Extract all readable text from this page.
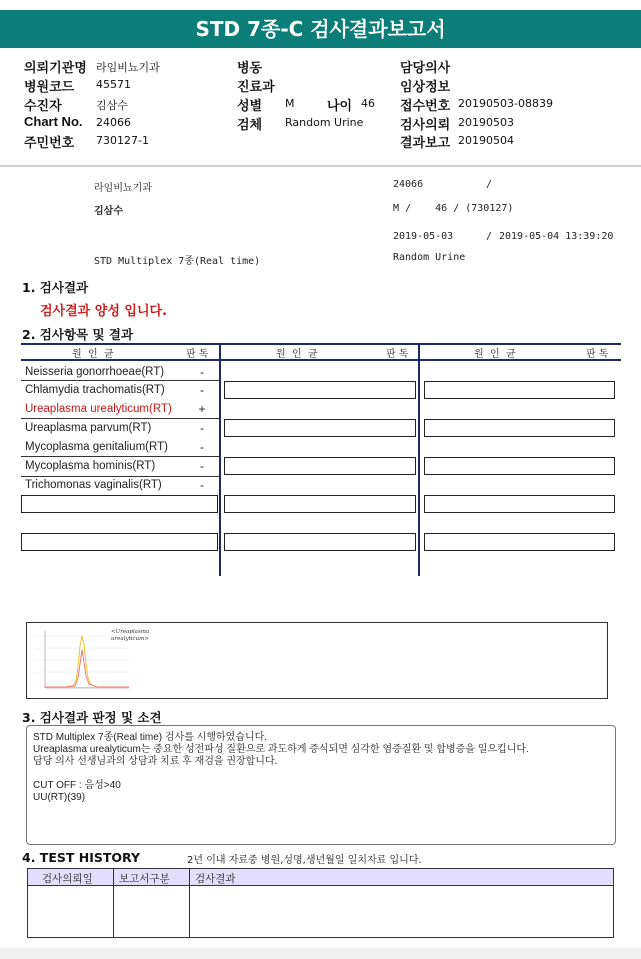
STD 7종-C 검사결과보고서
의뢰기관명 라임비뇨기과
병원코드 45571
수진자	김삼수
Chart No. 24066
주민번호 730127-1
병동
진료과
성별 M	나이 46
검체 Random Urine
담당의사
임상정보
접수번호 20190503-08839
검사의뢰 20190503
결과보고 20190504
라임비뇨기과	24066	/
김삼수	M /    46 / (730127)
2019-05-03	/ 2019-05-04 13:39:20
STD Multiplex 7종(Real time)	Random Urine
1. 검사결과
검사결과 양성 입니다.
2. 검사항목 및 결과
원  인  균	판 독	원  인  균	판 독	원  인  균	판 독
Neisseria gonorrhoeae(RT)	-
Chlamydia trachomatis(RT)	-
Ureaplasma urealyticum(RT) +
Ureaplasma parvum(RT)	-
Mycoplasma genitalium(RT)	-
Mycoplasma hominis(RT)	-
Trichomonas vaginalis(RT)	-
-
-
-
-
-
<Ureaplasma urealyticum>
3. 검사결과 판정 및 소견
STD Multiplex 7종(Real time) 검사를 시행하였습니다.
Ureaplasma urealyticum는 중요한 성전파성 질환으로 과도하게 증식되면 심각한 염증질환 및 합병증을 일으킵니다.
담당 의사 선생님과의 상담과 치료 후 재검을 권장합니다.
CUT OFF : 음성>40
UU(RT)(39)
4. TEST HISTORY	2년 이내 자료중 병원,성명,생년월일 일치자료 입니다.
검사의뢰일	보고서구분 검사결과
